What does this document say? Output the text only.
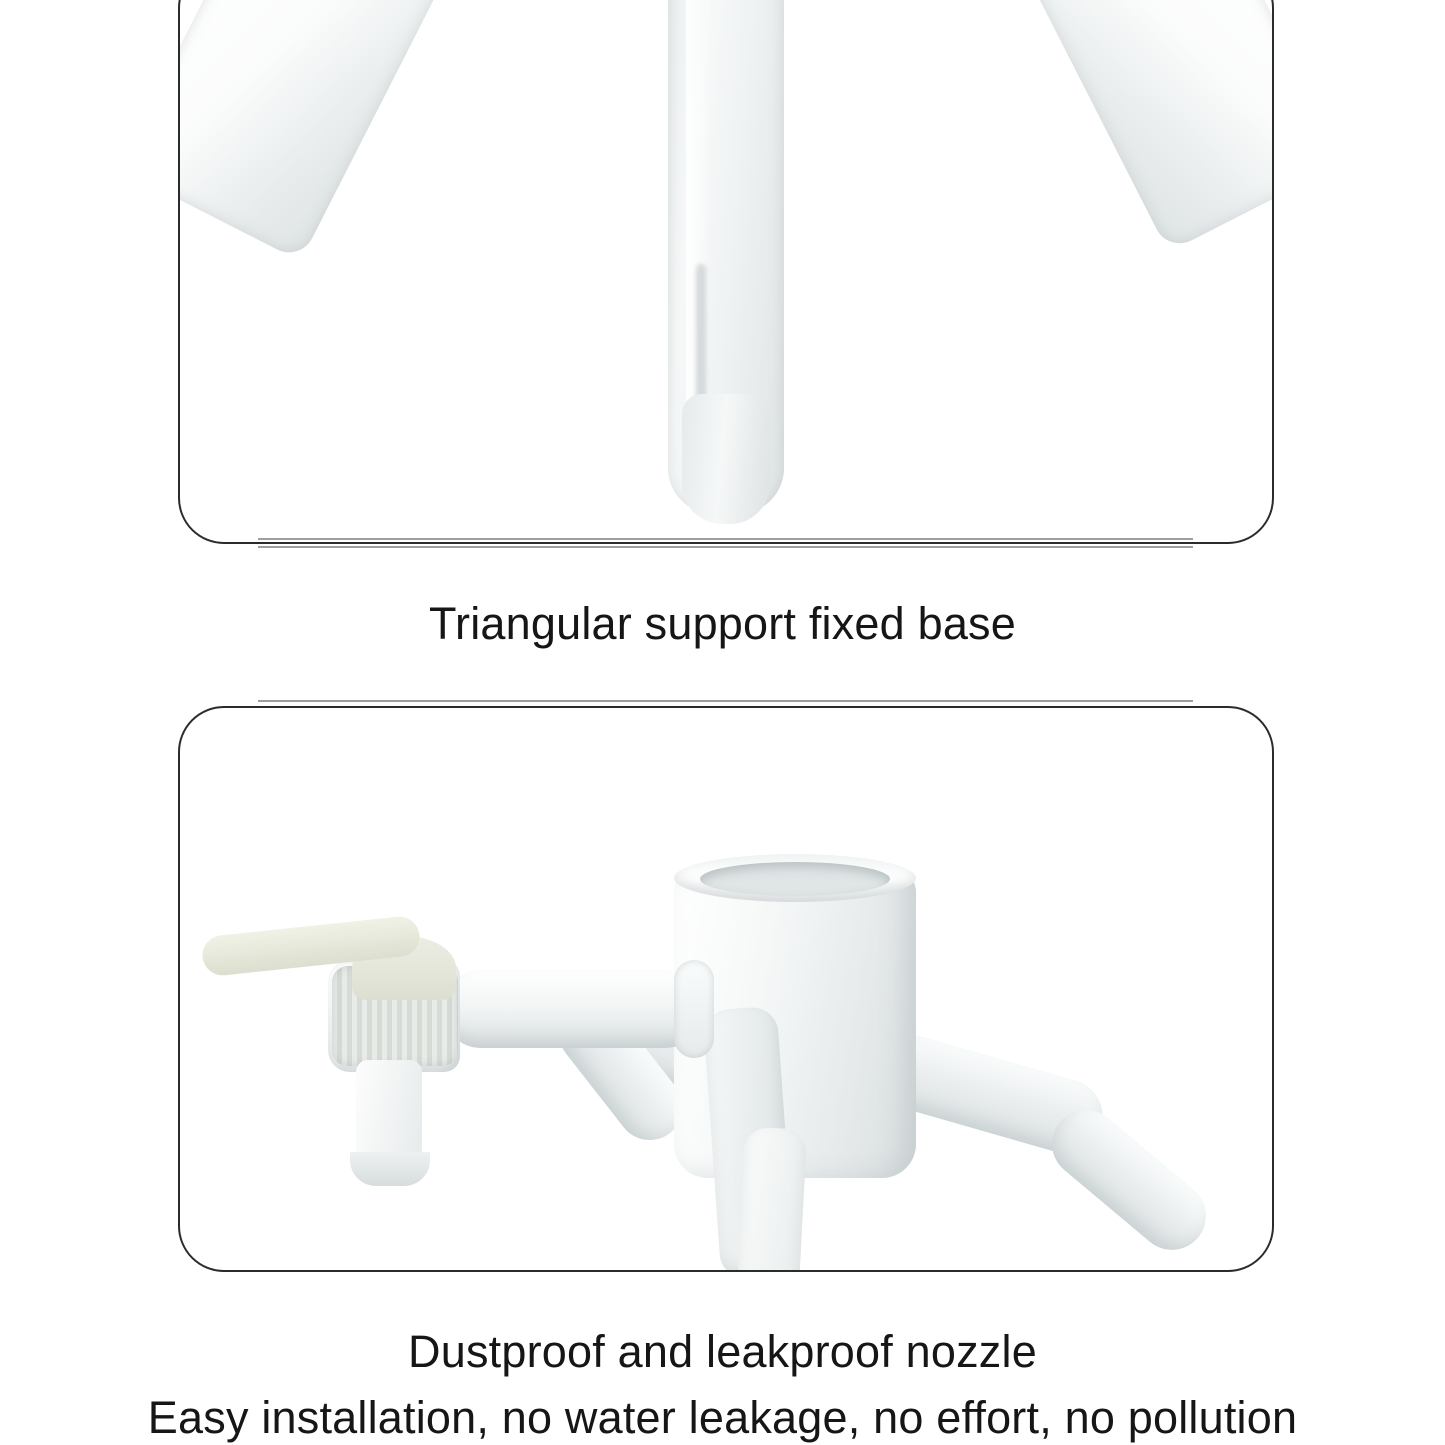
Triangular support fixed base
Dustproof and leakproof nozzle
Easy installation, no water leakage, no effort, no pollution
